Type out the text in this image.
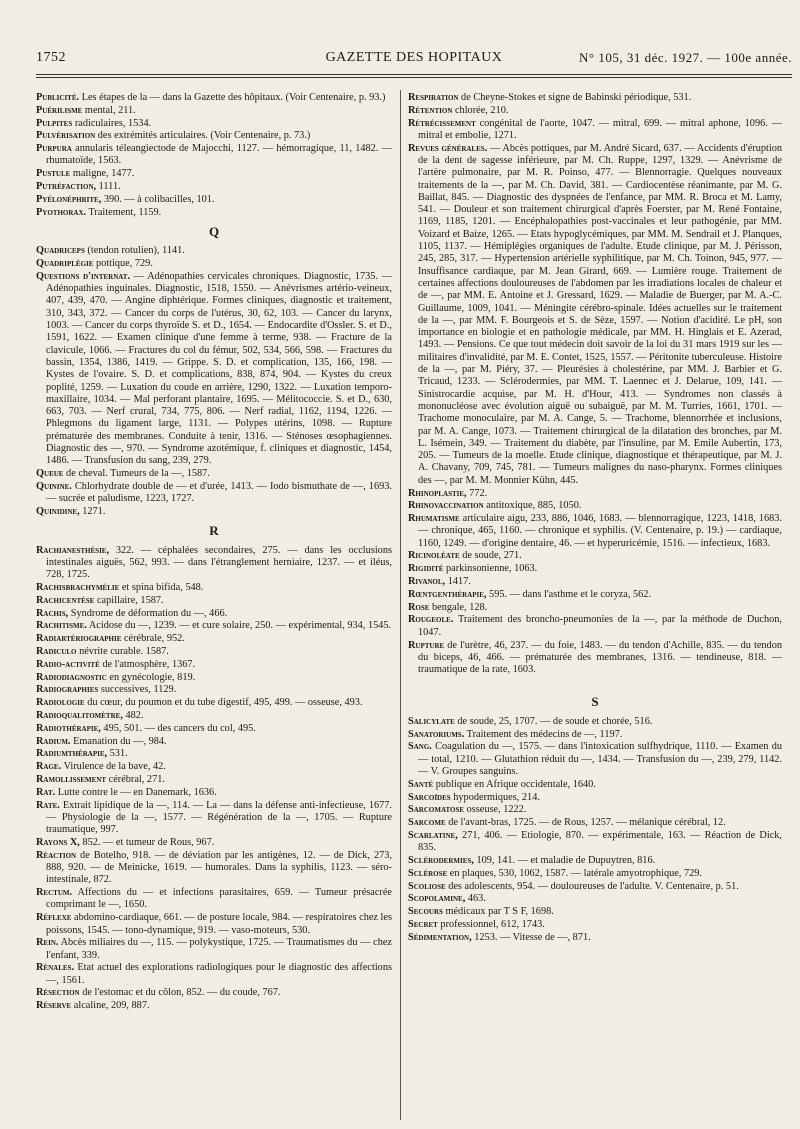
1752	GAZETTE DES HOPITAUX	N° 105, 31 déc. 1927. — 100e année.
Publicité. Les étapes de la — dans la Gazette des hôpitaux. (Voir Centenaire, p. 93.)
Puérilisme mental, 211.
Pulpites radiculaires, 1534.
Pulvérisation des extrémités articulaires. (Voir Centenaire, p. 73.)
Purpura annularis téleangiectode de Majocchi, 1127. — hémorragique, 11, 1482. — rhumatoïde, 1563.
Pustule maligne, 1477.
Putréfaction, 1111.
Pyélonéphrite, 390. — à colibacilles, 101.
Pyothorax. Traitement, 1159.
Q
Quadriceps (tendon rotulien), 1141.
Quadriplégie pottique, 729.
Questions d'internat. — Adénopathies cervicales chroniques. Diagnostic, 1735. — Adénopathies inguinales. Diagnostic, 1518, 1550. — Anévrismes artério-veineux, 407, 439, 470. — Angine diphtérique. Formes cliniques, diagnostic et traitement, 310, 343, 372. — Cancer du corps de l'utérus, 30, 62, 103. — Cancer du larynx, 1003. — Cancer du corps thyroïde S. et D., 1654. — Endocardite d'Ossler. S. et D., 1591, 1622. — Examen clinique d'une femme à terme, 938. — Fracture de la clavicule, 1066. — Fractures du col du fémur, 502, 534, 566, 598. — Fractures du bassin, 1354, 1386, 1419. — Grippe. S. D. et complication, 135, 166, 198. — Kystes de l'ovaire. S. D. et complications, 838, 874, 904. — Kystes du creux poplité, 1259. — Luxation du coude en arrière, 1290, 1322. — Luxation temporo-maxillaire, 1034. — Mal perforant plantaire, 1695. — Mélitococcie. S. et D., 630, 663, 703. — Nerf crural, 734, 775, 806. — Nerf radial, 1162, 1194, 1226. — Phlegmons du ligament large, 1131. — Polypes utérins, 1098. — Rupture prématurée des membranes. Conduite à tenir, 1316. — Sténoses œsophagiennes. Diagnostic des —, 970. — Syndrome azotémique, f. cliniques et diagnostic, 1454, 1486. — Transfusion du sang, 239, 279.
Queue de cheval. Tumeurs de la —, 1587.
Quinine. Chlorhydrate double de — et d'urée, 1413. — Iodo bismuthate de —, 1693. — sucrée et paludisme, 1223, 1727.
Quinidine, 1271.
R
Rachianesthésie, 322. — céphalées secondaires, 275. — dans les occlusions intestinales aiguës, 562, 993. — dans l'étranglement herniaire, 1237. — et iléus, 728, 1725.
Rachisbrachymélie et spina bifida, 548.
Rachicentèse capillaire, 1587.
Rachis, Syndrome de déformation du —, 466.
Rachitisme. Acidose du —, 1239. — et cure solaire, 250. — expérimental, 934, 1545.
Radiartériographie cérébrale, 952.
Radiculo névrite curable. 1587.
Radio-activité de l'atmosphère, 1367.
Radiodiagnostic en gynécologie, 819.
Radiographies successives, 1129.
Radiologie du cœur, du poumon et du tube digestif, 495, 499. — osseuse, 493.
Radioqualitomètre, 482.
Radiothérapie, 495, 501. — des cancers du col, 495.
Radium. Emanation du —, 984.
Radiumthérapie, 531.
Rage. Virulence de la bave, 42.
Ramollissement cérébral, 271.
Rat. Lutte contre le — en Danemark, 1636.
Rate. Extrait lipidique de la —, 114. — La — dans la défense anti-infectieuse, 1677. — Physiologie de la —, 1577. — Régénération de la —, 1705. — Rupture traumatique, 997.
Rayons X, 852. — et tumeur de Rous, 967.
Réaction de Botelho, 918. — de déviation par les antigènes, 12. — de Dick, 273, 888, 920. — de Meinicke, 1619. — humorales. Dans la syphilis, 1123. — séro-intestinale, 872.
Rectum. Affections du — et infections parasitaires, 659. — Tumeur présacrée comprimant le —, 1650.
Réflexe abdomino-cardiaque, 661. — de posture locale, 984. — respiratoires chez les poissons, 1545. — tono-dynamique, 919. — vaso-moteurs, 530.
Rein. Abcès miliaires du —, 115. — polykystique, 1725. — Traumatismes du — chez l'enfant, 339.
Rénales. Etat actuel des explorations radiologiques pour le diagnostic des affections —, 1561.
Résection de l'estomac et du côlon, 852. — du coude, 767.
Réserve alcaline, 209, 887.
Respiration de Cheyne-Stokes et signe de Babinski périodique, 531.
Rétention chlorée, 210.
Rétrécissement congénital de l'aorte, 1047. — mitral, 699. — mitral aphone, 1096. — mitral et embolie, 1271.
Revues générales. — Abcès pottiques, par M. André Sicard, 637. — Accidents d'éruption de la dent de sagesse inférieure, par M. Ch. Ruppe, 1297, 1329. — Anévrisme de l'artère pulmonaire, par M. R. Poinso, 477. — Blennorragie. Quelques nouveaux traitements de la —, par M. Ch. David, 381. — Cardiocentèse réanimante, par M. G. Baillat, 845. — Diagnostic des dyspnées de l'enfance, par MM. R. Broca et M. Lamy, 541. — Douleur et son traitement chirurgical d'après Foerster, par M. René Fontaine, 1169, 1185, 1201. — Encéphalopathies post-vaccinales et leur pathogénie, par MM. Voizard et Baize, 1265. — Etats hypoglycémiques, par MM. M. Sendrail et J. Planques, 1105, 1137. — Hémiplégies organiques de l'adulte. Etude clinique, par M. J. Périsson, 245, 285, 317. — Hypertension artérielle syphilitique, par M. Ch. Toinon, 945, 977. — Insuffisance cardiaque, par M. Jean Girard, 669. — Lumière rouge. Traitement de certaines affections douloureuses de l'abdomen par les irradiations locales de chaleur et de —, par MM. E. Antoine et J. Gressard, 1629. — Maladie de Buerger, par M. A.-C. Guillaume, 1009, 1041. — Méningite cérébro-spinale. Idées actuelles sur le traitement de la —, par MM. F. Bourgeois et S. de Sèze, 1597. — Notion d'acidité. Le pH, son importance en biologie et en pathologie médicale, par MM. H. Hinglais et E. Azerad, 1493. — Pensions. Ce que tout médecin doit savoir de la loi du 31 mars 1919 sur les — militaires d'invalidité, par M. E. Contet, 1525, 1557. — Péritonite tuberculeuse. Histoire de la —, par M. Piéry, 37. — Pleurésies à cholestérine, par MM. J. Barbier et G. Tricaud, 1233. — Sclérodermies, par MM. T. Laennec et J. Delarue, 109, 141. — Sinistrocardie acquise, par M. H. d'Hour, 413. — Syndromes non classés à mononucléose avec évolution aiguë ou subaiguë, par M. M. Turries, 1661, 1701. — Trachome monoculaire, par M. A. Cange, 5. — Trachome, blennorrhée et inclusions, par M. A. Cange, 1073. — Traitement chirurgical de la dilatation des bronches, par M. L. Isémein, 349. — Traitement du diabète, par l'insuline, par M. Emile Aubertin, 173, 205. — Tumeurs de la moelle. Etude clinique, diagnostique et thérapeutique, par M. J. A. Chavany, 709, 745, 781. — Tumeurs malignes du naso-pharynx. Formes cliniques des —, par M. M. Monnier Kühn, 445.
Rhinoplastie, 772.
Rhinovaccination antitoxique, 885, 1050.
Rhumatisme articulaire aigu, 233, 886, 1046, 1683. — blennorragique, 1223, 1418, 1683. — chronique, 465, 1160. — chronique et syphilis. (V. Centenaire, p. 19.) — cardiaque, 1160, 1249. — d'origine dentaire, 46. — et hyperuricémie, 1516. — infectieux, 1683.
Ricinoléate de soude, 271.
Rigidité parkinsonienne, 1063.
Rivanol, 1417.
Rœntgenthérapie, 595. — dans l'asthme et le coryza, 562.
Rose bengale, 128.
Rougeole. Traitement des broncho-pneumonies de la —, par la méthode de Duchon, 1047.
Rupture de l'urètre, 46, 237. — du foie, 1483. — du tendon d'Achille, 835. — du tendon du biceps, 46, 466. — prématurée des membranes, 1316. — tendineuse, 818. — traumatique de la rate, 1603.
S
Salicylate de soude, 25, 1707. — de soude et chorée, 516.
Sanatoriums. Traitement des médecins de —, 1197.
Sang. Coagulation du —, 1575. — dans l'intoxication sulfhydrique, 1110. — Examen du — total, 1210. — Glutathion réduit du —, 1434. — Transfusion du —, 239, 279, 1142. — V. Groupes sanguins.
Santé publique en Afrique occidentale, 1640.
Sarcoïdes hypodermiques, 214.
Sarcomatose osseuse, 1222.
Sarcome de l'avant-bras, 1725. — de Rous, 1257. — mélanique cérébral, 12.
Scarlatine, 271, 406. — Etiologie, 870. — expérimentale, 163. — Réaction de Dick, 835.
Sclérodermies, 109, 141. — et maladie de Dupuytren, 816.
Sclérose en plaques, 530, 1062, 1587. — latérale amyotrophique, 729.
Scoliose des adolescents, 954. — douloureuses de l'adulte. V. Centenaire, p. 51.
Scopolamine, 463.
Secours médicaux par T S F, 1698.
Secret professionnel, 612, 1743.
Sédimentation, 1253. — Vitesse de —, 871.
